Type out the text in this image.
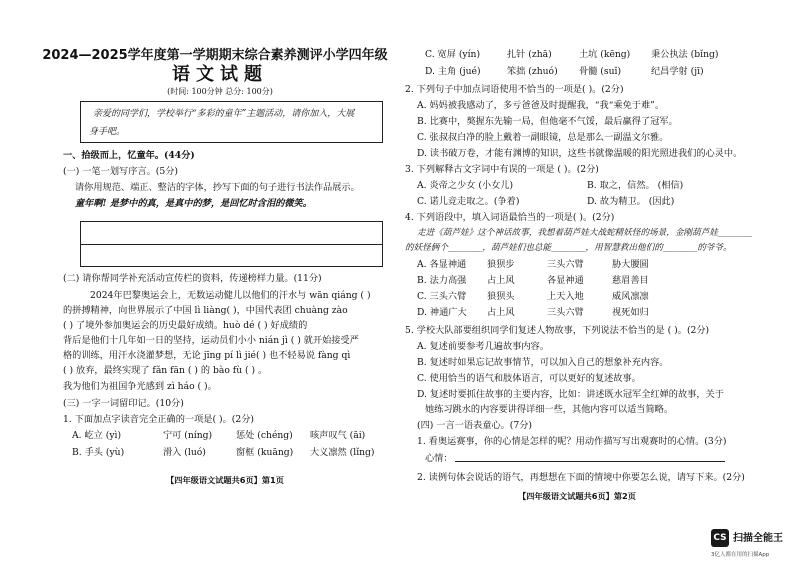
2024—2025学年度第一学期期末综合素养测评小学四年级
语文试题
(时间: 100分钟 总分: 100分)
亲爱的同学们，学校举行“多彩的童年”主题活动，请你加入，大展
身手吧。
一、拾级而上，忆童年。(44分)
(一) 一笔一划写序言。(5分)
请你用规范、端正、整洁的字体，抄写下面的句子进行书法作品展示。
童年啊! 是梦中的真，是真中的梦，是回忆时含泪的微笑。
(二) 请你帮同学补充活动宣传栏的资料，传递榜样力量。(11分)
2024年巴黎奥运会上，无数运动健儿以他们的汗水与 wān qiáng ( )
的拼搏精神，向世界展示了中国 lì liàng( )，中国代表团 chuàng zào
( ) 了境外参加奥运会的历史最好成绩。huò dé ( ) 好成绩的
背后是他们十几年如一日的坚持，运动员们小小 nián jì ( ) 就开始接受严
格的训练，用汗水浇灌梦想，无论 jīng pí lì jié( ) 也不轻易说 fàng qì
( ) 放弃，最终实现了 fǎn fān ( ) 的 bào fù ( ) 。
我为他们为祖国争光感到 zì háo ( )。
(三) 一字一词留印记。(10分)
1. 下面加点字读音完全正确的一项是( )。(2分)
A. 屹立 (yì)	宁可 (níng)	惩处 (chéng) 咳声叹气 (āi)
B. 手头 (yù)	滑入 (luó)	窗框 (kuāng) 大义凛然 (lǐng)
【四年级语文试题共6页】第1页
C. 宽屏 (yín)	扎针 (zhā)	土坑 (kēng) 秉公执法 (bǐng)
D. 主角 (jué)	笨拙 (zhuó) 骨髓 (suǐ)	纪昌学射 (jī)
2. 下列句子中加点词语使用不恰当的一项是( )。(2分)
A. 妈妈被我感动了，多亏爸爸及时提醒我，“我“乘免于难”。
B. 比赛中，獒握东先输一局，但他毫不气馁，最后赢得了冠军。
C. 张叔叔白净的脸上戴着一副眼镜，总是那么一副温文尔雅。
D. 读书破万卷，才能有渊博的知识，这些书就像温暖的阳光照进我们的心灵中。
3. 下列解释古文字词中有误的一项是 ( )。(2分)
A. 炎帝之少女 (小女儿)	B. 取之，信然。 (相信)
C. 诺儿竞走取之。(争着)	D. 故为精卫。 (因此)
4. 下列语段中，填入词语最恰当的一项是( )。(2分)
走进《葫芦娃》这个神话故事，我想着葫芦娃大战蛇精妖怪的场景，金刚葫芦娃________
的妖怪俩个________，葫芦娃们也总能________，用智慧救出他们的________的爷爷。
A. 各显神通 狼狈步	三头六臂	胁大腰圆
B. 法力高强 占上风	各显神通	慈眉善目
C. 三头六臂 狼狈头	上天入地	威风凛凛
D. 神通广大 占上风	三头六臂	视死如归
5. 学校大队部要组织同学们复述人物故事，下列说法不恰当的是 ( )。(2分)
A. 复述前要参考几遍故事内容。
B. 复述时如果忘记故事情节，可以加入自己的想象补充内容。
C. 使用恰当的语气和肢体语言，可以更好的复述故事。
D. 复述时要抓住故事的主要内容，比如：讲述既水冠军全红婵的故事，关于
她练习跳水的内容要讲得详细一些，其他内容可以适当简略。
(四) 一言一语表童心。(7分)
1. 看奥运赛事，你的心情是怎样的呢？用动作描写写出观赛时的心情。(3分)
心情：
2. 读例句体会说话的语气，再想想在下面的情境中你要怎么说，请写下来。(2分)
【四年级语文试题共6页】第2页
CS 扫描全能王
3亿人都在用的扫描App
